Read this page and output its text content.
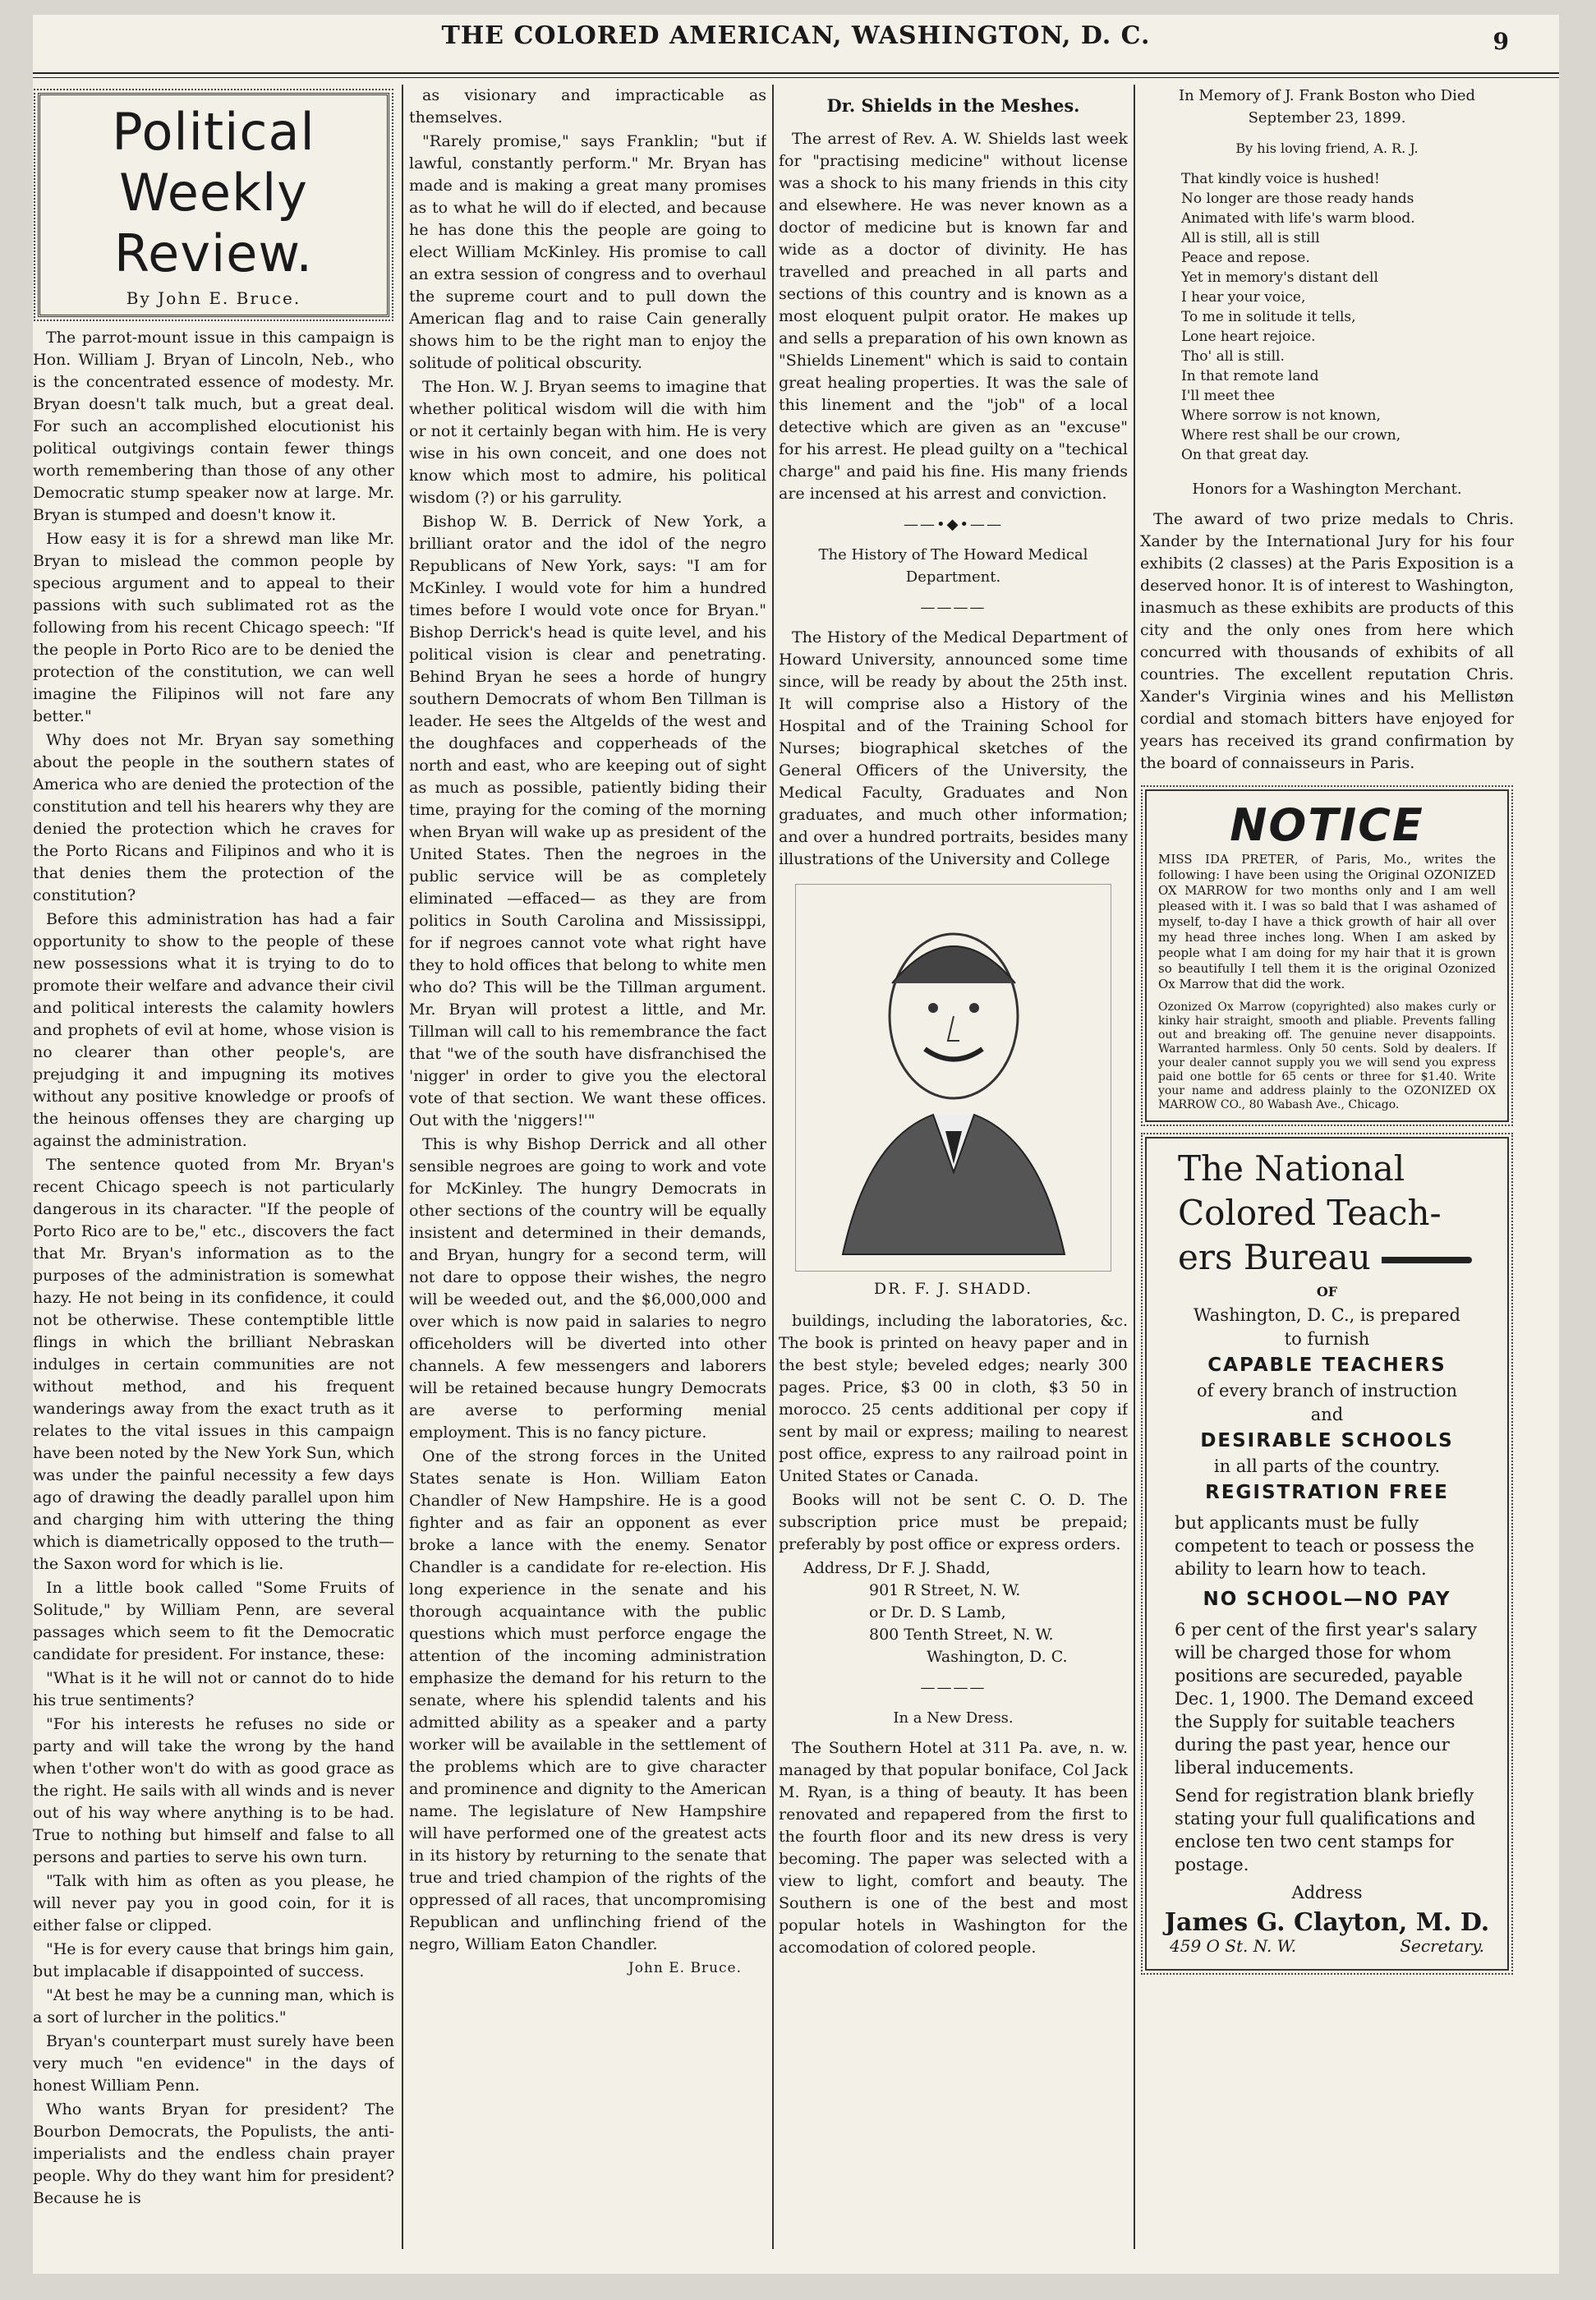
THE COLORED AMERICAN, WASHINGTON, D. C.	9
Political Weekly Review.
By John E. Bruce.

The parrot-mount issue in this campaign is Hon. William J. Bryan of Lincoln, Neb., who is the concentrated essence of modesty. Mr. Bryan doesn't talk much, but a great deal. For such an accomplished elocutionist his political outgivings contain fewer things worth remembering than those of any other Democratic stump speaker now at large. Mr. Bryan is stumped and doesn't know it.

How easy it is for a shrewd man like Mr. Bryan to mislead the common people by specious argument and to appeal to their passions with such sublimated rot as the following from his recent Chicago speech: "If the people in Porto Rico are to be denied the protection of the constitution, we can well imagine the Filipinos will not fare any better."

Why does not Mr. Bryan say something about the people in the southern states of America who are denied the protection of the constitution and tell his hearers why they are denied the protection which he craves for the Porto Ricans and Filipinos and who it is that denies them the protection of the constitution?

Before this administration has had a fair opportunity to show to the people of these new possessions what it is trying to do to promote their welfare and advance their civil and political interests the calamity howlers and prophets of evil at home, whose vision is no clearer than other people's, are prejudging it and impugning its motives without any positive knowledge or proofs of the heinous offenses they are charging up against the administration.

The sentence quoted from Mr. Bryan's recent Chicago speech is not particularly dangerous in its character. "If the people of Porto Rico are to be," etc., discovers the fact that Mr. Bryan's information as to the purposes of the administration is somewhat hazy. He not being in its confidence, it could not be otherwise. These contemptible little flings in which the brilliant Nebraskan indulges in certain communities are not without method, and his frequent wanderings away from the exact truth as it relates to the vital issues in this campaign have been noted by the New York Sun, which was under the painful necessity a few days ago of drawing the deadly parallel upon him and charging him with uttering the thing which is diametrically opposed to the truth—the Saxon word for which is lie.

In a little book called "Some Fruits of Solitude," by William Penn, are several passages which seem to fit the Democratic candidate for president. For instance, these:

"What is it he will not or cannot do to hide his true sentiments?

"For his interests he refuses no side or party and will take the wrong by the hand when t'other won't do with as good grace as the right. He sails with all winds and is never out of his way where anything is to be had. True to nothing but himself and false to all persons and parties to serve his own turn.

"Talk with him as often as you please, he will never pay you in good coin, for it is either false or clipped.

"He is for every cause that brings him gain, but implacable if disappointed of success.

"At best he may be a cunning man, which is a sort of lurcher in the politics."

Bryan's counterpart must surely have been very much "en evidence" in the days of honest William Penn.

Who wants Bryan for president? The Bourbon Democrats, the Populists, the anti-imperialists and the endless chain prayer people. Why do they want him for president? Because he is

as visionary and impracticable as themselves.

"Rarely promise," says Franklin; "but if lawful, constantly perform." Mr. Bryan has made and is making a great many promises as to what he will do if elected, and because he has done this the people are going to elect William McKinley. His promise to call an extra session of congress and to overhaul the supreme court and to pull down the American flag and to raise Cain generally shows him to be the right man to enjoy the solitude of political obscurity.

The Hon. W. J. Bryan seems to imagine that whether political wisdom will die with him or not it certainly began with him. He is very wise in his own conceit, and one does not know which most to admire, his political wisdom (?) or his garrulity.

Bishop W. B. Derrick of New York, a brilliant orator and the idol of the negro Republicans of New York, says: "I am for McKinley. I would vote for him a hundred times before I would vote once for Bryan." Bishop Derrick's head is quite level, and his political vision is clear and penetrating. Behind Bryan he sees a horde of hungry southern Democrats of whom Ben Tillman is leader. He sees the Altgelds of the west and the doughfaces and copperheads of the north and east, who are keeping out of sight as much as possible, patiently biding their time, praying for the coming of the morning when Bryan will wake up as president of the United States. Then the negroes in the public service will be as completely eliminated —effaced— as they are from politics in South Carolina and Mississippi, for if negroes cannot vote what right have they to hold offices that belong to white men who do? This will be the Tillman argument. Mr. Bryan will protest a little, and Mr. Tillman will call to his remembrance the fact that "we of the south have disfranchised the 'nigger' in order to give you the electoral vote of that section. We want these offices. Out with the 'niggers!'"

This is why Bishop Derrick and all other sensible negroes are going to work and vote for McKinley. The hungry Democrats in other sections of the country will be equally insistent and determined in their demands, and Bryan, hungry for a second term, will not dare to oppose their wishes, the negro will be weeded out, and the $6,000,000 and over which is now paid in salaries to negro officeholders will be diverted into other channels. A few messengers and laborers will be retained because hungry Democrats are averse to performing menial employment. This is no fancy picture.

One of the strong forces in the United States senate is Hon. William Eaton Chandler of New Hampshire. He is a good fighter and as fair an opponent as ever broke a lance with the enemy. Senator Chandler is a candidate for re-election. His long experience in the senate and his thorough acquaintance with the public questions which must perforce engage the attention of the incoming administration emphasize the demand for his return to the senate, where his splendid talents and his admitted ability as a speaker and a party worker will be available in the settlement of the problems which are to give character and prominence and dignity to the American name. The legislature of New Hampshire will have performed one of the greatest acts in its history by returning to the senate that true and tried champion of the rights of the oppressed of all races, that uncompromising Republican and unflinching friend of the negro, William Eaton Chandler.

John E. Bruce.

Dr. Shields in the Meshes.

The arrest of Rev. A. W. Shields last week for "practising medicine" without license was a shock to his many friends in this city and elsewhere. He was never known as a doctor of medicine but is known far and wide as a doctor of divinity. He has travelled and preached in all parts and sections of this country and is known as a most eloquent pulpit orator. He makes up and sells a preparation of his own known as "Shields Linement" which is said to contain great healing properties. It was the sale of this linement and the "job" of a local detective which are given as an "excuse" for his arrest. He plead guilty on a "techical charge" and paid his fine. His many friends are incensed at his arrest and conviction.

——•◆•——

The History of The Howard Medical Department.

————

The History of the Medical Department of Howard University, announced some time since, will be ready by about the 25th inst. It will comprise also a History of the Hospital and of the Training School for Nurses; biographical sketches of the General Officers of the University, the Medical Faculty, Graduates and Non graduates, and much other information; and over a hundred portraits, besides many illustrations of the University and College

DR. F. J. SHADD.

buildings, including the laboratories, &c. The book is printed on heavy paper and in the best style; beveled edges; nearly 300 pages. Price, $3 00 in cloth, $3 50 in morocco. 25 cents additional per copy if sent by mail or express; mailing to nearest post office, express to any railroad point in United States or Canada.

Books will not be sent C. O. D. The subscription price must be prepaid; preferably by post office or express orders.

Address, Dr F. J. Shadd,
901 R Street, N. W.
or Dr. D. S Lamb,
800 Tenth Street, N. W.
Washington, D. C.
————

In a New Dress.

The Southern Hotel at 311 Pa. ave, n. w. managed by that popular boniface, Col Jack M. Ryan, is a thing of beauty. It has been renovated and repapered from the first to the fourth floor and its new dress is very becoming. The paper was selected with a view to light, comfort and beauty. The Southern is one of the best and most popular hotels in Washington for the accomodation of colored people.

In Memory of J. Frank Boston who Died September 23, 1899.

By his loving friend, A. R. J.

That kindly voice is hushed!
No longer are those ready hands
Animated with life's warm blood.
All is still, all is still
Peace and repose.
Yet in memory's distant dell
I hear your voice,
To me in solitude it tells,
Lone heart rejoice.
Tho' all is still.
In that remote land
I'll meet thee
Where sorrow is not known,
Where rest shall be our crown,
On that great day.

Honors for a Washington Merchant.

The award of two prize medals to Chris. Xander by the International Jury for his four exhibits (2 classes) at the Paris Exposition is a deserved honor. It is of interest to Washington, inasmuch as these exhibits are products of this city and the only ones from here which concurred with thousands of exhibits of all countries. The excellent reputation Chris. Xander's Virginia wines and his Mellistøn cordial and stomach bitters have enjoyed for years has received its grand confirmation by the board of connaisseurs in Paris.

NOTICE
MISS IDA PRETER, of Paris, Mo., writes the following: I have been using the Original OZONIZED OX MARROW for two months only and I am well pleased with it. I was so bald that I was ashamed of myself, to-day I have a thick growth of hair all over my head three inches long. When I am asked by people what I am doing for my hair that it is grown so beautifully I tell them it is the original Ozonized Ox Marrow that did the work.
Ozonized Ox Marrow (copyrighted) also makes curly or kinky hair straight, smooth and pliable. Prevents falling out and breaking off. The genuine never disappoints. Warranted harmless. Only 50 cents. Sold by dealers. If your dealer cannot supply you we will send you express paid one bottle for 65 cents or three for $1.40. Write your name and address plainly to the OZONIZED OX MARROW CO., 80 Wabash Ave., Chicago.
The National
Colored Teach-
ers Bureau
OF
Washington, D. C., is prepared
to furnish
CAPABLE TEACHERS
of every branch of instruction
and
DESIRABLE SCHOOLS
in all parts of the country.
REGISTRATION FREE
but applicants must be fully competent to teach or possess the ability to learn how to teach.
NO SCHOOL—NO PAY
6 per cent of the first year's salary will be charged those for whom positions are secureded, payable Dec. 1, 1900. The Demand exceed the Supply for suitable teachers during the past year, hence our liberal inducements.
Send for registration blank briefly stating your full qualifications and enclose ten two cent stamps for postage.
Address
James G. Clayton, M. D.
459 O St. N. W.	Secretary.
